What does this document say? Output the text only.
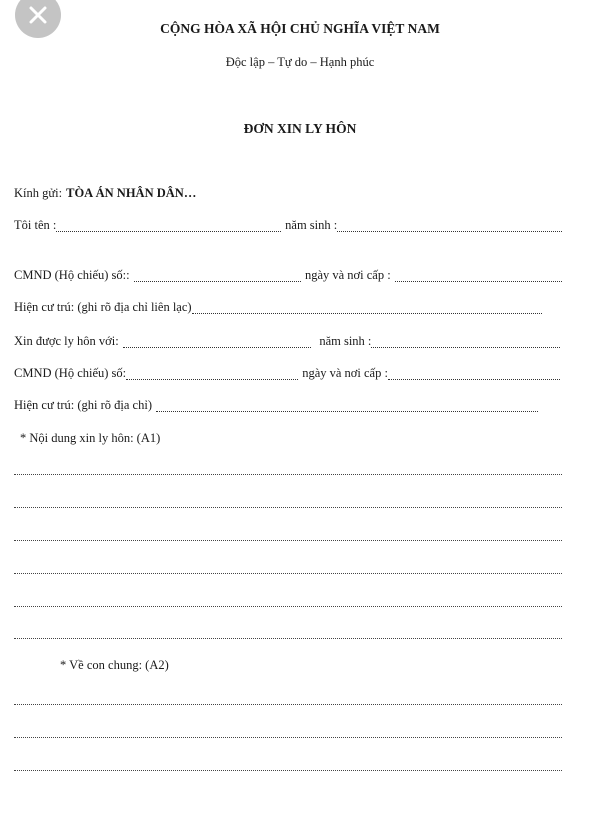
CỘNG HÒA XÃ HỘI CHỦ NGHĨA VIỆT NAM
Độc lập – Tự do – Hạnh phúc
ĐƠN XIN LY HÔN
Kính gửi: TÒA ÁN NHÂN DÂN…
Tôi tên :	năm sinh :
CMND (Hộ chiếu) số::	ngày và nơi cấp :
Hiện cư trú: (ghi rõ địa chỉ liên lạc)
Xin được ly hôn với:	năm sinh :
CMND (Hộ chiếu) số:	ngày và nơi cấp :
Hiện cư trú: (ghi rõ địa chỉ)
* Nội dung xin ly hôn: (A1)
* Về con chung: (A2)
